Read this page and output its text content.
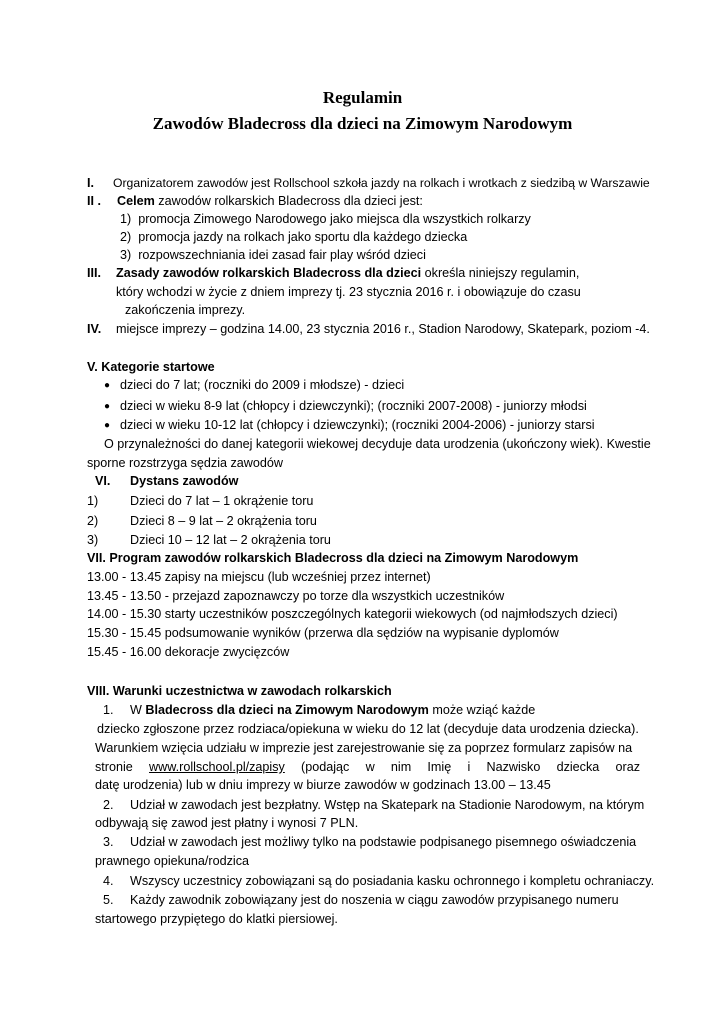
Regulamin
Zawodów Bladecross dla dzieci na Zimowym Narodowym
I. Organizatorem zawodów jest Rollschool szkoła jazdy na rolkach i wrotkach z siedzibą w Warszawie
II . Celem zawodów rolkarskich Bladecross dla dzieci jest:
1) promocja Zimowego Narodowego jako miejsca dla wszystkich rolkarzy
2) promocja jazdy na rolkach jako sportu dla każdego dziecka
3) rozpowszechniania idei zasad fair play wśród dzieci
III. Zasady zawodów rolkarskich Bladecross dla dzieci określa niniejszy regulamin,
który wchodzi w życie z dniem imprezy tj. 23 stycznia 2016 r. i obowiązuje do czasu
zakończenia imprezy.
IV. miejsce imprezy – godzina 14.00, 23 stycznia 2016 r., Stadion Narodowy, Skatepark, poziom -4.
V. Kategorie startowe
● dzieci do 7 lat; (roczniki do 2009 i młodsze) - dzieci
● dzieci w wieku 8-9 lat (chłopcy i dziewczynki); (roczniki 2007-2008) - juniorzy młodsi
● dzieci w wieku 10-12 lat (chłopcy i dziewczynki); (roczniki 2004-2006) - juniorzy starsi
O przynależności do danej kategorii wiekowej decyduje data urodzenia (ukończony wiek). Kwestie
sporne rozstrzyga sędzia zawodów
VI. Dystans zawodów
1)	Dzieci do 7 lat – 1 okrążenie toru
2)	Dzieci 8 – 9 lat – 2 okrążenia toru
3)	Dzieci 10 – 12 lat – 2 okrążenia toru
VII. Program zawodów rolkarskich Bladecross dla dzieci na Zimowym Narodowym
13.00 - 13.45 zapisy na miejscu (lub wcześniej przez internet)
13.45 - 13.50 - przejazd zapoznawczy po torze dla wszystkich uczestników
14.00 - 15.30 starty uczestników poszczególnych kategorii wiekowych (od najmłodszych dzieci)
15.30 - 15.45 podsumowanie wyników (przerwa dla sędziów na wypisanie dyplomów
15.45 - 16.00 dekoracje zwycięzców
VIII. Warunki uczestnictwa w zawodach rolkarskich
1. W Bladecross dla dzieci na Zimowym Narodowym może wziąć każde
dziecko zgłoszone przez rodziaca/opiekuna w wieku do 12 lat (decyduje data urodzenia dziecka).
Warunkiem wzięcia udziału w imprezie jest zarejestrowanie się za poprzez formularz zapisów na
stronie www.rollschool.pl/zapisy (podając w nim Imię i Nazwisko dziecka oraz
datę urodzenia) lub w dniu imprezy w biurze zawodów w godzinach 13.00 – 13.45
2. Udział w zawodach jest bezpłatny. Wstęp na Skatepark na Stadionie Narodowym, na którym
odbywają się zawod jest płatny i wynosi 7 PLN.
3. Udział w zawodach jest możliwy tylko na podstawie podpisanego pisemnego oświadczenia
prawnego opiekuna/rodzica
4. Wszyscy uczestnicy zobowiązani są do posiadania kasku ochronnego i kompletu ochraniaczy.
5. Każdy zawodnik zobowiązany jest do noszenia w ciągu zawodów przypisanego numeru
startowego przypiętego do klatki piersiowej.
